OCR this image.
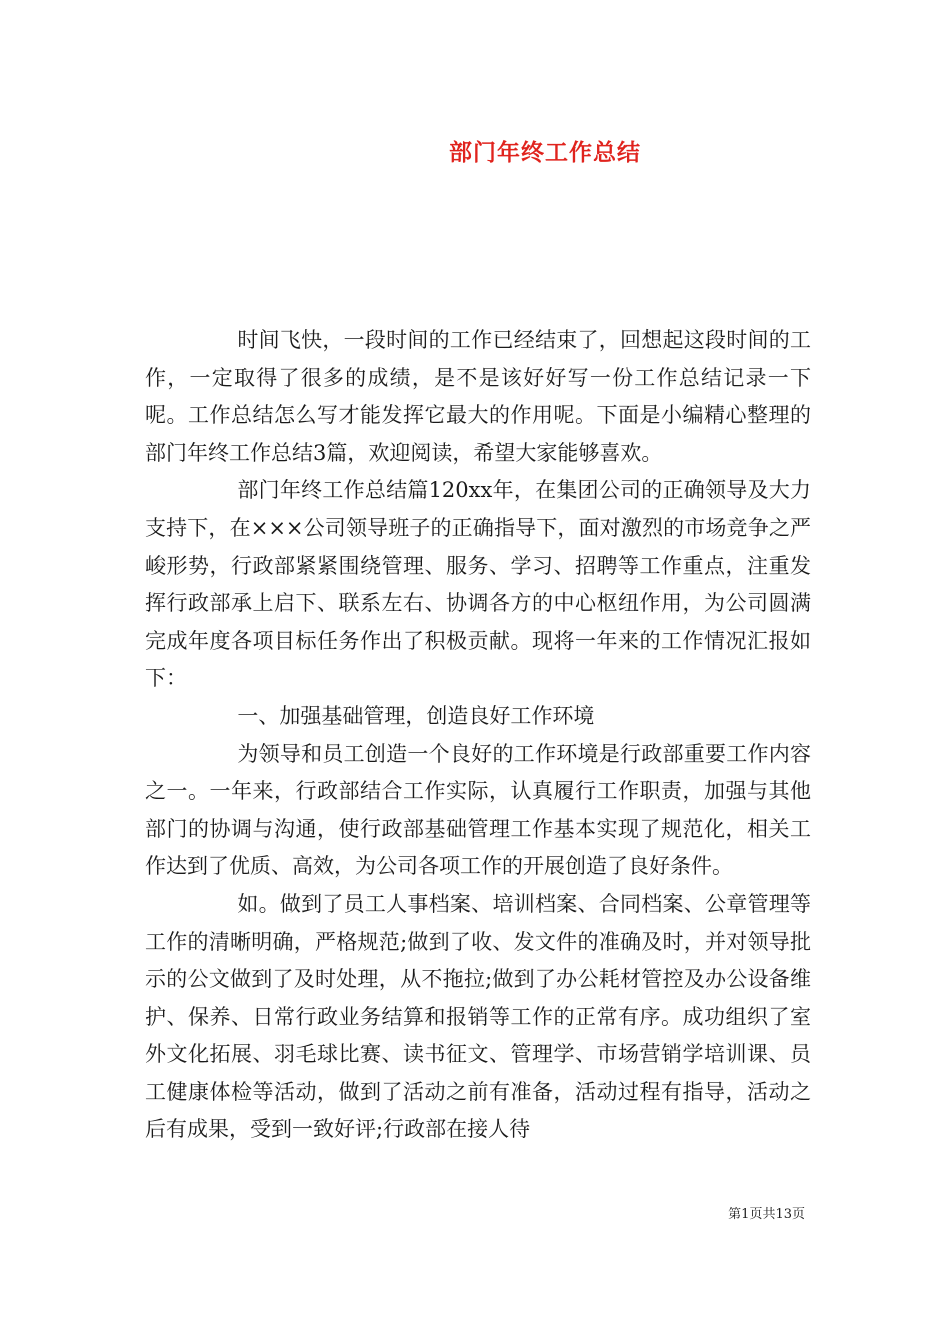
部门年终工作总结

时间飞快，一段时间的工作已经结束了，回想起这段时间的工作，一定取得了很多的成绩，是不是该好好写一份工作总结记录一下呢。工作总结怎么写才能发挥它最大的作用呢。下面是小编精心整理的部门年终工作总结3篇，欢迎阅读，希望大家能够喜欢。

部门年终工作总结篇120xx年，在集团公司的正确领导及大力支持下，在×××公司领导班子的正确指导下，面对激烈的市场竞争之严峻形势，行政部紧紧围绕管理、服务、学习、招聘等工作重点，注重发挥行政部承上启下、联系左右、协调各方的中心枢纽作用，为公司圆满完成年度各项目标任务作出了积极贡献。现将一年来的工作情况汇报如下：

一、加强基础管理，创造良好工作环境

为领导和员工创造一个良好的工作环境是行政部重要工作内容之一。一年来，行政部结合工作实际，认真履行工作职责，加强与其他部门的协调与沟通，使行政部基础管理工作基本实现了规范化，相关工作达到了优质、高效，为公司各项工作的开展创造了良好条件。

如。做到了员工人事档案、培训档案、合同档案、公章管理等工作的清晰明确，严格规范;做到了收、发文件的准确及时，并对领导批示的公文做到了及时处理，从不拖拉;做到了办公耗材管控及办公设备维护、保养、日常行政业务结算和报销等工作的正常有序。成功组织了室外文化拓展、羽毛球比赛、读书征文、管理学、市场营销学培训课、员工健康体检等活动，做到了活动之前有准备，活动过程有指导，活动之后有成果，受到一致好评;行政部在接人待

第1页共13页
